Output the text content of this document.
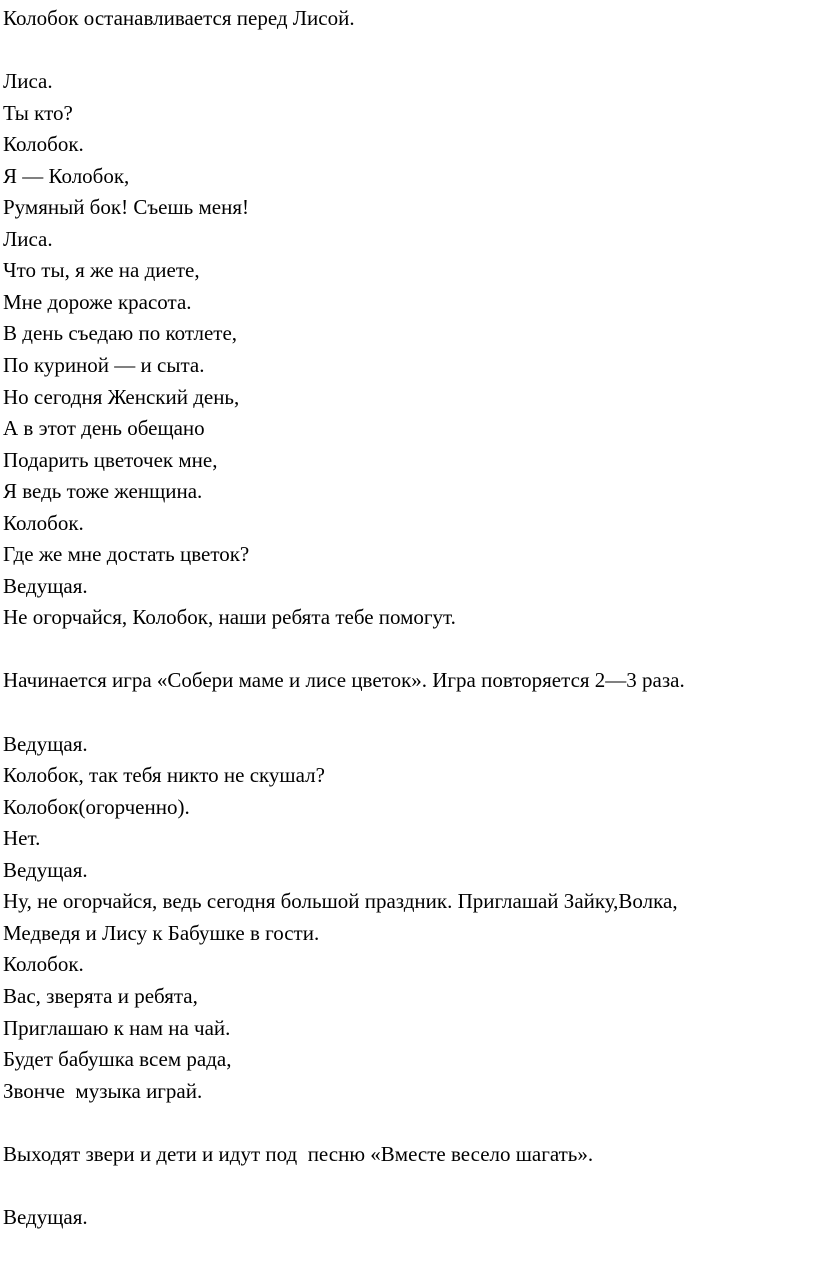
Колобок останавливается перед Лисой.
Лиса.
Ты кто?
Колобок.
Я — Колобок,
Румяный бок! Съешь меня!
Лиса.
Что ты, я же на диете,
Мне дороже красота.
В день съедаю по котлете,
По куриной — и сыта.
Но сегодня Женский день,
А в этот день обещано
Подарить цветочек мне,
Я ведь тоже женщина.
Колобок.
Где же мне достать цветок?
Ведущая.
Не огорчайся, Колобок, наши ребята тебе помогут.
Начинается игра «Собери маме и лисе цветок». Игра повторяется 2—3 раза.
Ведущая.
Колобок, так тебя никто не скушал?
Колобок(огорченно).
Нет.
Ведущая.
Ну, не огорчайся, ведь сегодня большой праздник. Приглашай Зайку,Волка,
Медведя и Лису к Бабушке в гости.
Колобок.
Вас, зверята и ребята,
Приглашаю к нам на чай.
Будет бабушка всем рада,
Звонче  музыка играй.
Выходят звери и дети и идут под  песню «Вместе весело шагать».
Ведущая.
